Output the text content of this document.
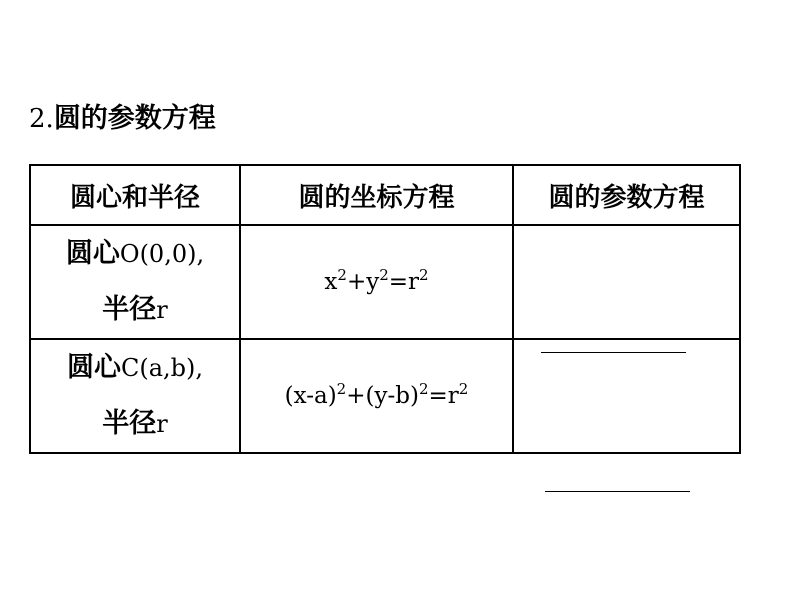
2.圆的参数方程
圆心和半径	圆的坐标方程	圆的参数方程

圆心O(0,0),
半径r	$x^2+y^2=r^2$	

圆心C(a,b),
半径r	$(x-a)^2+(y-b)^2=r^2$	
